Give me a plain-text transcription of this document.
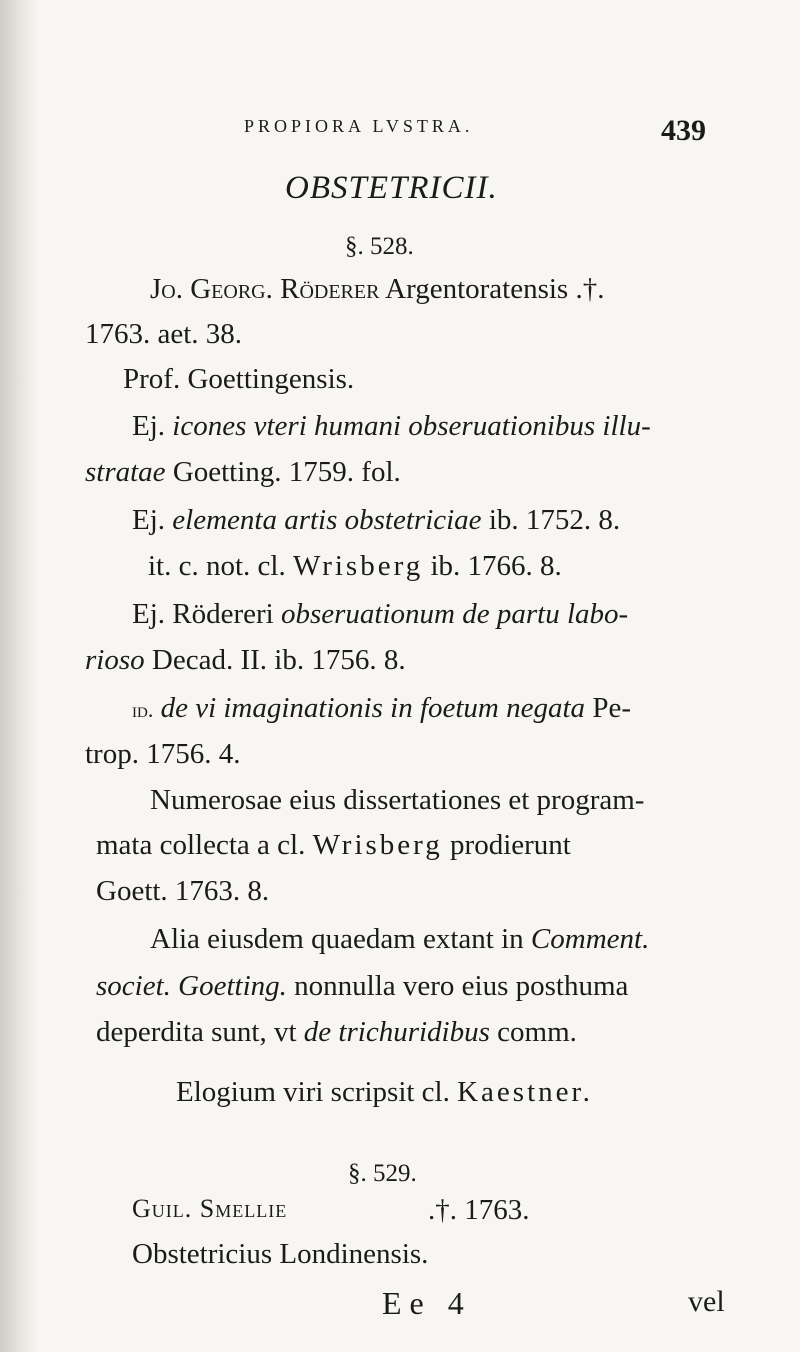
PROPIORA LVSTRA.	439
OBSTETRICII.
§. 528.
Jo. Georg. Röderer Argentoratensis .†.
1763. aet. 38.
Prof. Goettingensis.
Ej. icones vteri humani obseruationibus illu-
stratae Goetting. 1759. fol.
Ej. elementa artis obstetriciae ib. 1752. 8.
it. c. not. cl. Wrisberg ib. 1766. 8.
Ej. Rödereri obseruationum de partu labo-
rioso Decad. II. ib. 1756. 8.
id. de vi imaginationis in foetum negata Pe-
trop. 1756. 4.
Numerosae eius dissertationes et program-
mata collecta a cl. Wrisberg prodierunt
Goett. 1763. 8.
Alia eiusdem quaedam extant in Comment.
societ. Goetting. nonnulla vero eius posthuma
deperdita sunt, vt de trichuridibus comm.
Elogium viri scripsit cl. Kaestner.
§. 529.
Guil. Smellie	.†. 1763.
Obstetricius Londinensis.
Ee 4	vel
